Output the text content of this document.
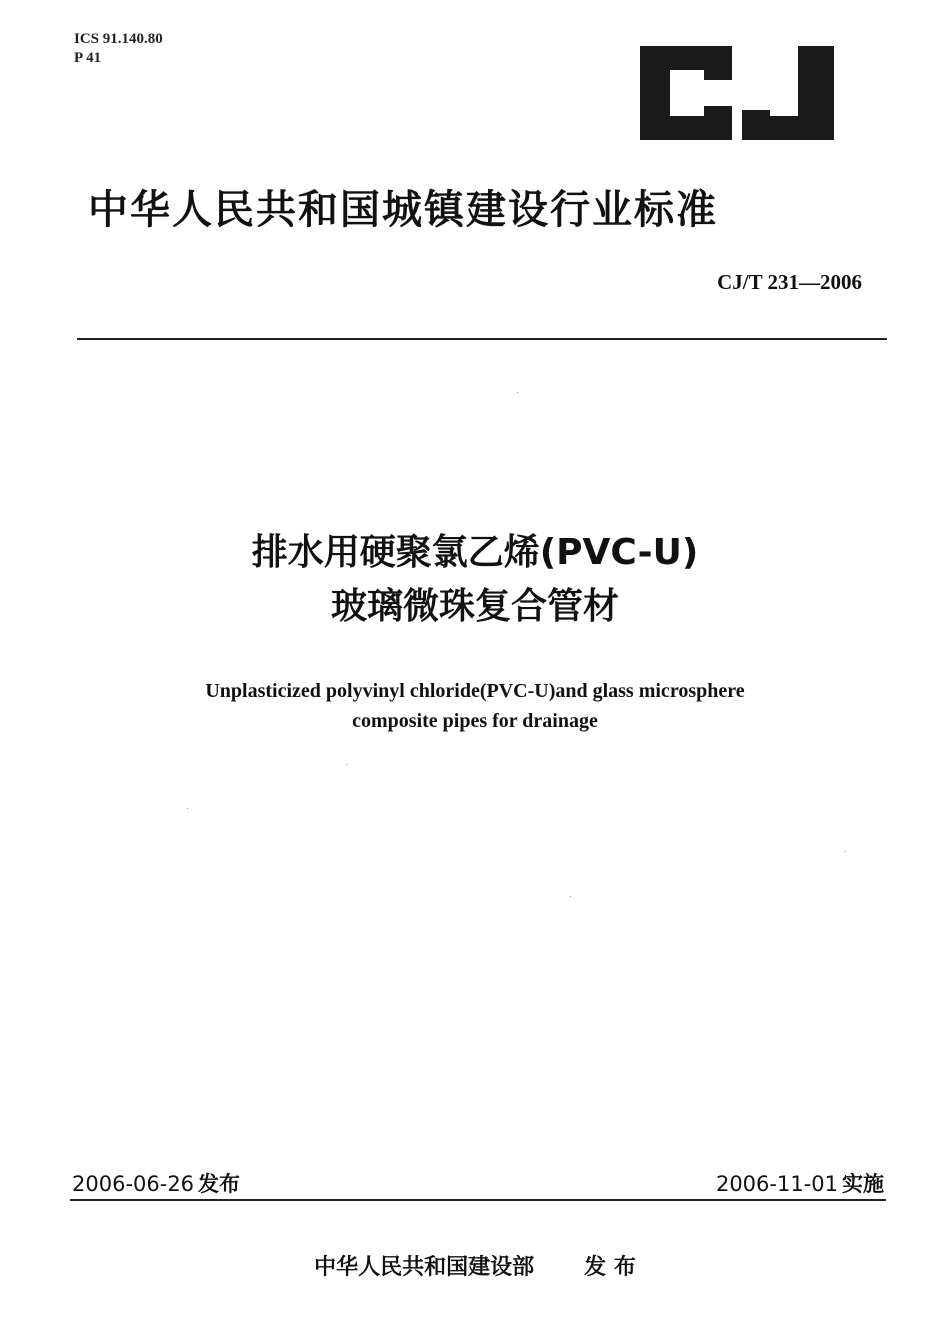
ICS 91.140.80
P 41
中华人民共和国城镇建设行业标准
CJ/T 231—2006
排水用硬聚氯乙烯(PVC-U)
玻璃微珠复合管材
Unplasticized polyvinyl chloride(PVC-U)and glass microsphere
composite pipes for drainage
2006-06-26 发布	2006-11-01 实施
中华人民共和国建设部 发 布
